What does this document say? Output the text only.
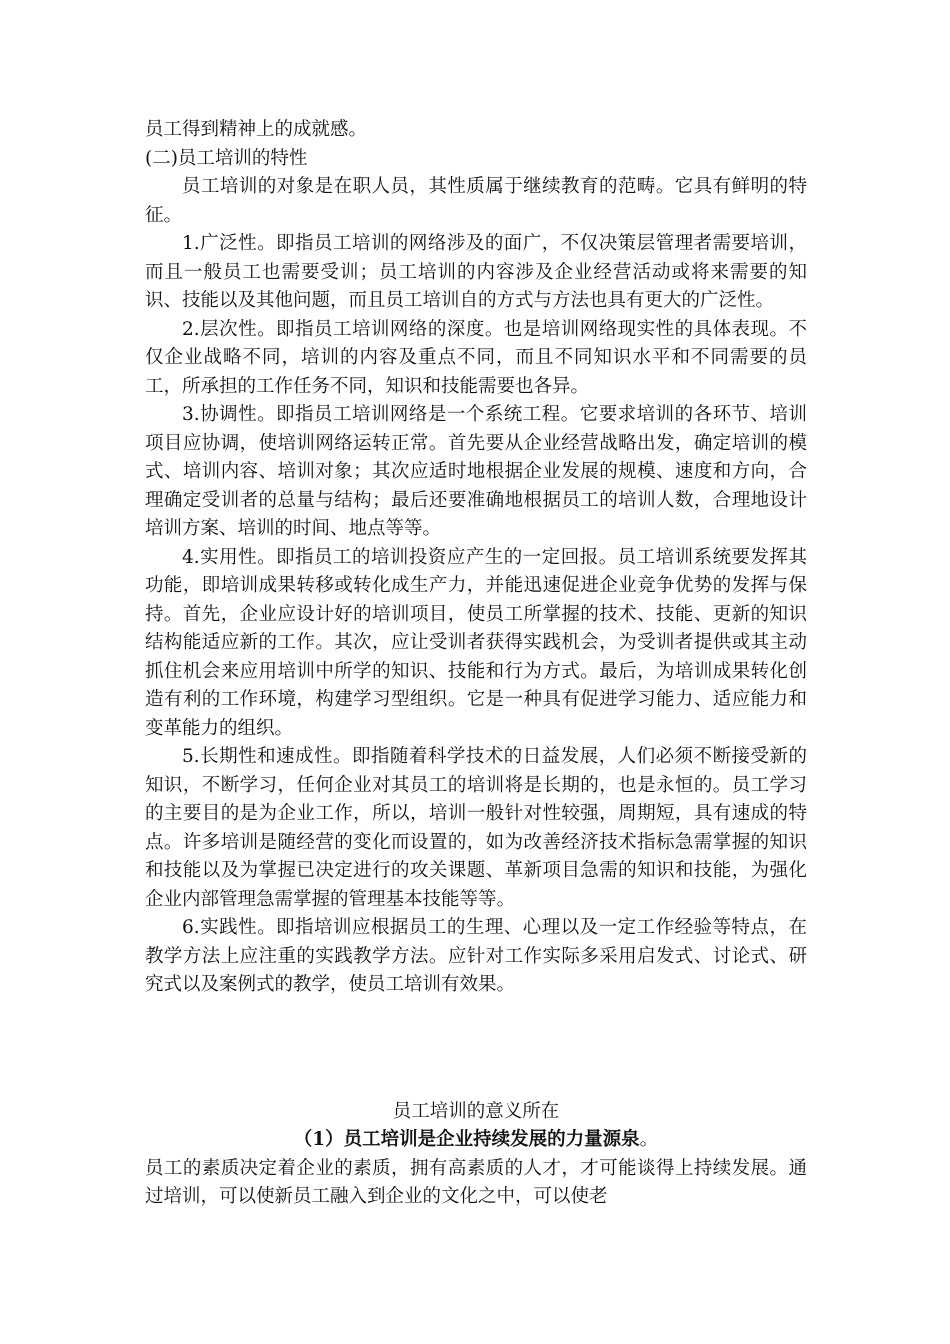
员工得到精神上的成就感。

(二)员工培训的特性

员工培训的对象是在职人员，其性质属于继续教育的范畴。它具有鲜明的特征。

1.广泛性。即指员工培训的网络涉及的面广，不仅决策层管理者需要培训，而且一般员工也需要受训；员工培训的内容涉及企业经营活动或将来需要的知识、技能以及其他问题，而且员工培训自的方式与方法也具有更大的广泛性。

2.层次性。即指员工培训网络的深度。也是培训网络现实性的具体表现。不仅企业战略不同，培训的内容及重点不同，而且不同知识水平和不同需要的员工，所承担的工作任务不同，知识和技能需要也各异。

3.协调性。即指员工培训网络是一个系统工程。它要求培训的各环节、培训项目应协调，使培训网络运转正常。首先要从企业经营战略出发，确定培训的模式、培训内容、培训对象；其次应适时地根据企业发展的规模、速度和方向，合理确定受训者的总量与结构；最后还要准确地根据员工的培训人数，合理地设计培训方案、培训的时间、地点等等。

4.实用性。即指员工的培训投资应产生的一定回报。员工培训系统要发挥其功能，即培训成果转移或转化成生产力，并能迅速促进企业竞争优势的发挥与保持。首先，企业应设计好的培训项目，使员工所掌握的技术、技能、更新的知识结构能适应新的工作。其次，应让受训者获得实践机会，为受训者提供或其主动抓住机会来应用培训中所学的知识、技能和行为方式。最后，为培训成果转化创造有利的工作环境，构建学习型组织。它是一种具有促进学习能力、适应能力和变革能力的组织。

5.长期性和速成性。即指随着科学技术的日益发展，人们必须不断接受新的知识，不断学习，任何企业对其员工的培训将是长期的，也是永恒的。员工学习的主要目的是为企业工作，所以，培训一般针对性较强，周期短，具有速成的特点。许多培训是随经营的变化而设置的，如为改善经济技术指标急需掌握的知识和技能以及为掌握已决定进行的攻关课题、革新项目急需的知识和技能，为强化企业内部管理急需掌握的管理基本技能等等。

6.实践性。即指培训应根据员工的生理、心理以及一定工作经验等特点，在教学方法上应注重的实践教学方法。应针对工作实际多采用启发式、讨论式、研究式以及案例式的教学，使员工培训有效果。

员工培训的意义所在

（1）员工培训是企业持续发展的力量源泉。

员工的素质决定着企业的素质，拥有高素质的人才，才可能谈得上持续发展。通过培训，可以使新员工融入到企业的文化之中，可以使老
